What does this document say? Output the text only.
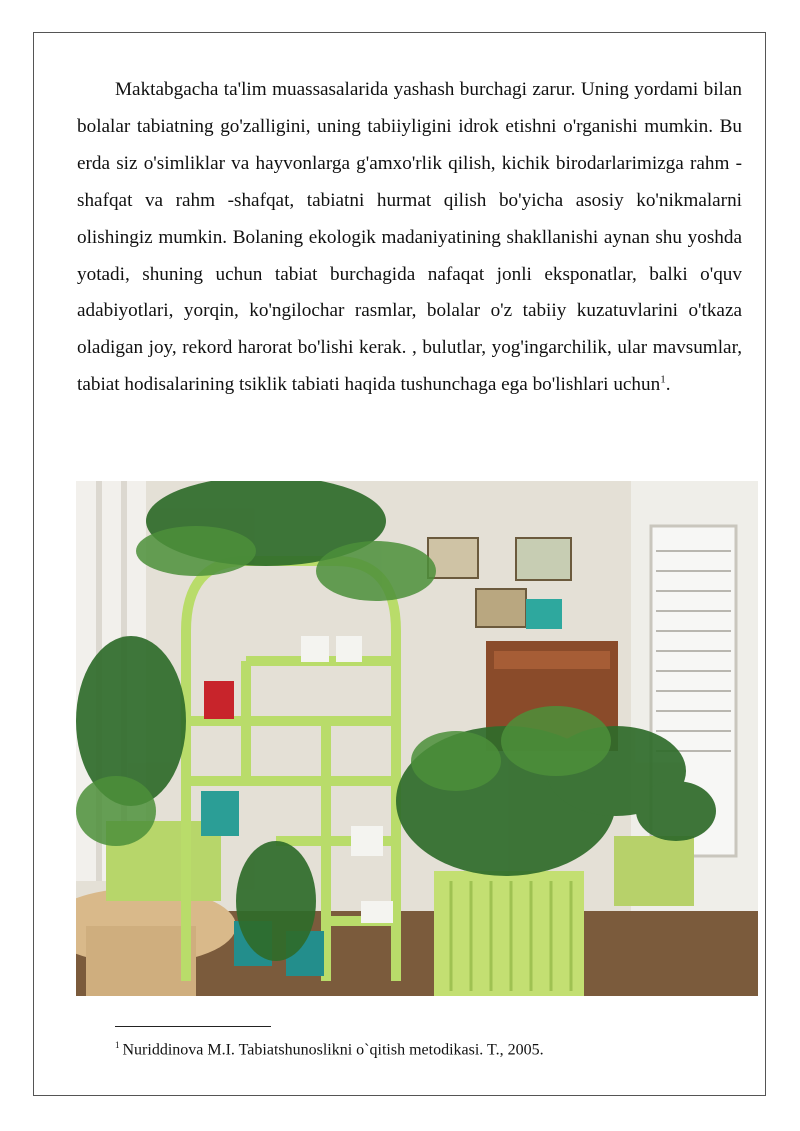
Maktabgacha ta'lim muassasalarida yashash burchagi zarur. Uning yordami bilan bolalar tabiatning go'zalligini, uning tabiiyligini idrok etishni o'rganishi mumkin. Bu erda siz o'simliklar va hayvonlarga g'amxo'rlik qilish, kichik birodarlarimizga rahm -shafqat va rahm -shafqat, tabiatni hurmat qilish bo'yicha asosiy ko'nikmalarni olishingiz mumkin. Bolaning ekologik madaniyatining shakllanishi aynan shu yoshda yotadi, shuning uchun tabiat burchagida nafaqat jonli eksponatlar, balki o'quv adabiyotlari, yorqin, ko'ngilochar rasmlar, bolalar o'z tabiiy kuzatuvlarini o'tkaza oladigan joy, rekord harorat bo'lishi kerak. , bulutlar, yog'ingarchilik, ular mavsumlar, tabiat hodisalarining tsiklik tabiati haqida tushunchaga ega bo'lishlari uchun$^1$.

$^1$ Nuriddinova M.I. Tabiatshunoslikni o`qitish metodikasi. T., 2005.
